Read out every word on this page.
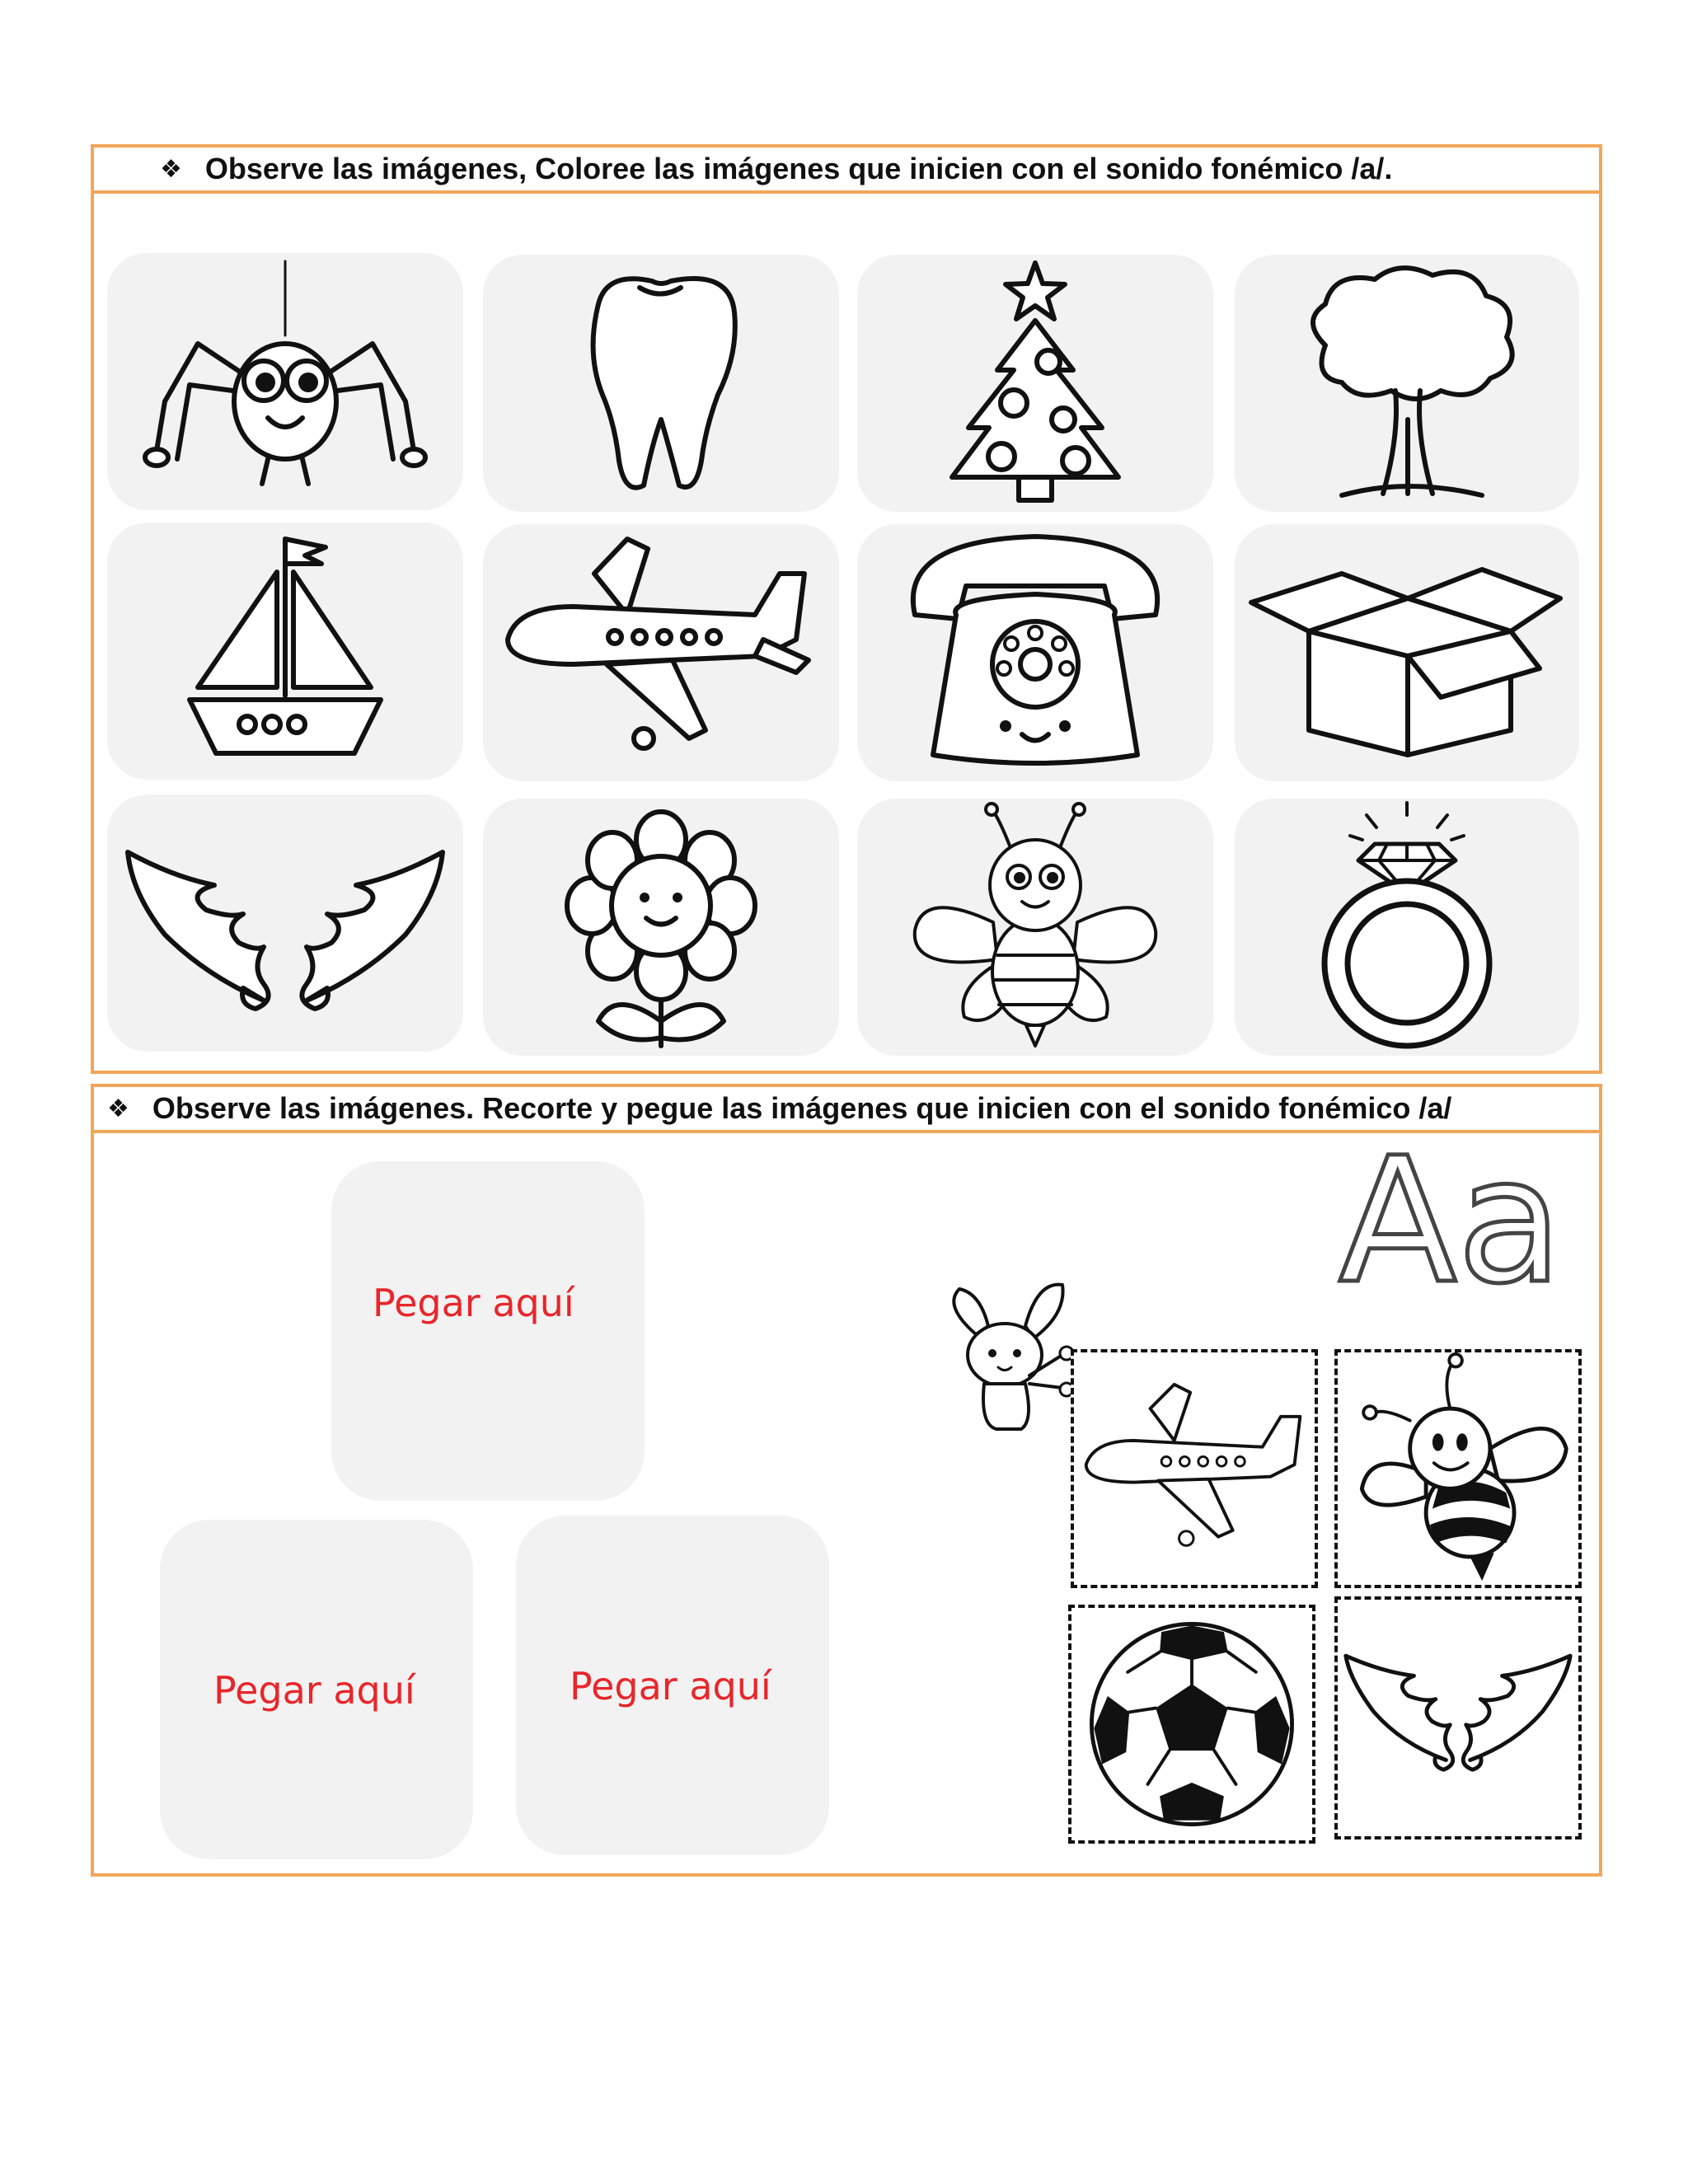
❖ Observe las imágenes, Coloree las imágenes que inicien con el sonido fonémico /a/.
❖ Observe las imágenes. Recorte y pegue las imágenes que inicien con el sonido fonémico /a/
Pegar aquí
Pegar aquí	Pegar aquí
Aa
